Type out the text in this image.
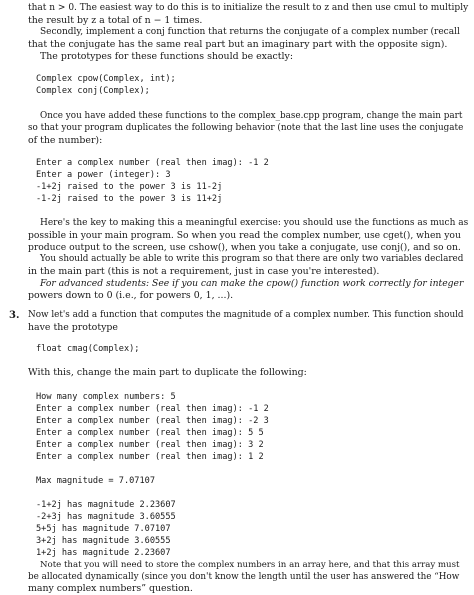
that n > 0. The easiest way to do this is to initialize the result to z and then use cmul to multiply

the result by z a total of n − 1 times.

Secondly, implement a conj function that returns the conjugate of a complex number (recall

that the conjugate has the same real part but an imaginary part with the opposite sign).

The prototypes for these functions should be exactly:

Complex cpow(Complex, int);
Complex conj(Complex);

Once you have added these functions to the complex_base.cpp program, change the main part

so that your program duplicates the following behavior (note that the last line uses the conjugate

of the number):

Enter a complex number (real then imag): -1 2
Enter a power (integer): 3
-1+2j raised to the power 3 is 11-2j
-1-2j raised to the power 3 is 11+2j

Here's the key to making this a meaningful exercise: you should use the functions as much as

possible in your main program. So when you read the complex number, use cget(), when you

produce output to the screen, use cshow(), when you take a conjugate, use conj(), and so on.

You should actually be able to write this program so that there are only two variables declared

in the main part (this is not a requirement, just in case you're interested).

For advanced students: See if you can make the cpow() function work correctly for integer

powers down to 0 (i.e., for powers 0, 1, ...).

3. Now let's add a function that computes the magnitude of a complex number. This function should

have the prototype

float cmag(Complex);

With this, change the main part to duplicate the following:

How many complex numbers: 5
Enter a complex number (real then imag): -1 2
Enter a complex number (real then imag): -2 3
Enter a complex number (real then imag): 5 5
Enter a complex number (real then imag): 3 2
Enter a complex number (real then imag): 1 2
Max magnitude = 7.07107
-1+2j has magnitude 2.23607
-2+3j has magnitude 3.60555
5+5j has magnitude 7.07107
3+2j has magnitude 3.60555
1+2j has magnitude 2.23607

Note that you will need to store the complex numbers in an array here, and that this array must

be allocated dynamically (since you don't know the length until the user has answered the “How

many complex numbers” question.
